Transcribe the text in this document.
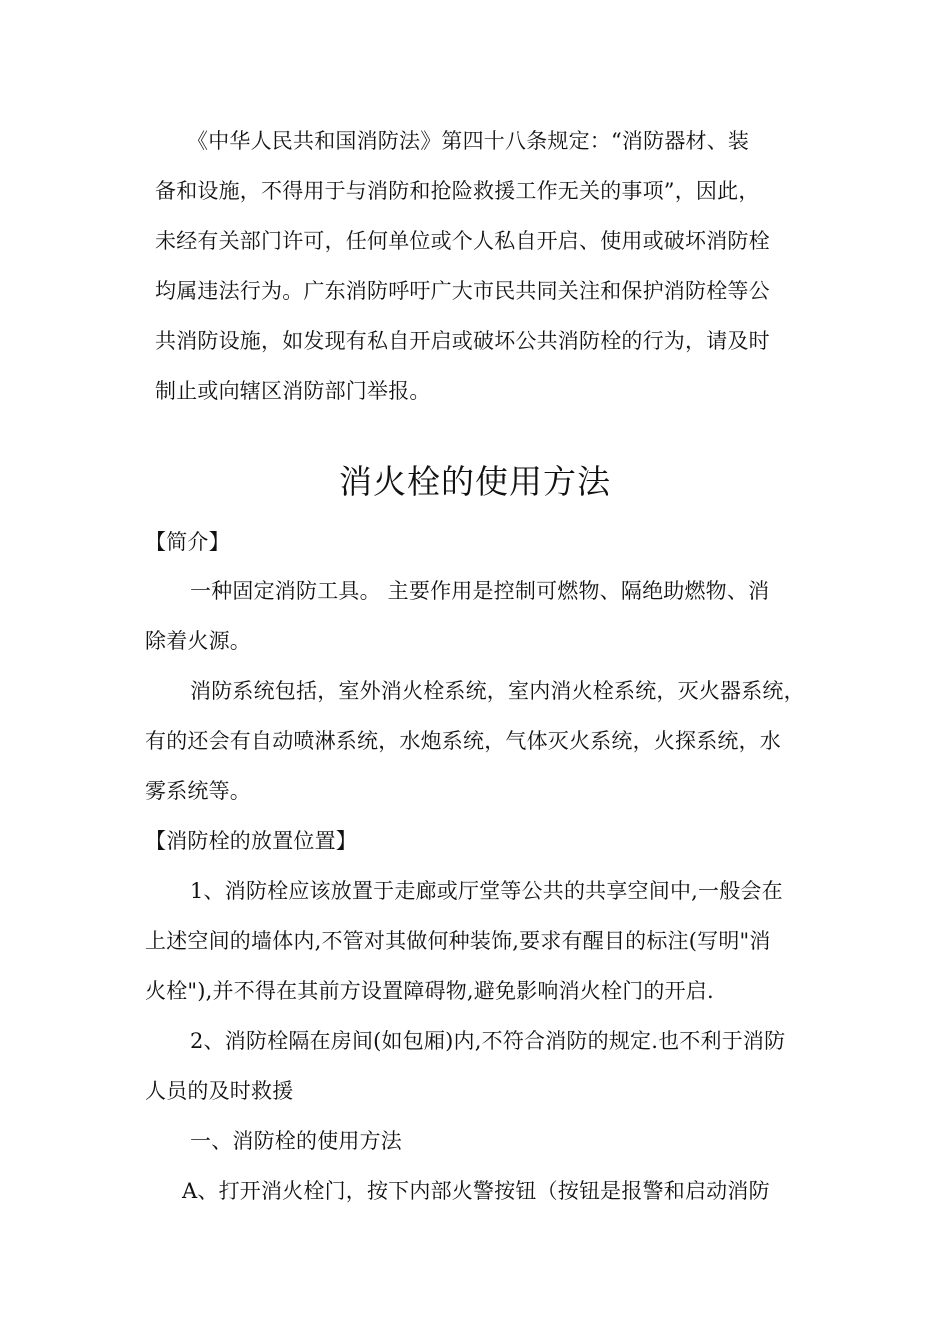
《中华人民共和国消防法》第四十八条规定：“消防器材、装
备和设施，不得用于与消防和抢险救援工作无关的事项”，因此，
未经有关部门许可，任何单位或个人私自开启、使用或破坏消防栓
均属违法行为。广东消防呼吁广大市民共同关注和保护消防栓等公
共消防设施，如发现有私自开启或破坏公共消防栓的行为，请及时
制止或向辖区消防部门举报。
消火栓的使用方法
【简介】
一种固定消防工具。 主要作用是控制可燃物、隔绝助燃物、消
除着火源。
消防系统包括，室外消火栓系统，室内消火栓系统，灭火器系统，
有的还会有自动喷淋系统，水炮系统，气体灭火系统，火探系统，水
雾系统等。
【消防栓的放置位置】
1、消防栓应该放置于走廊或厅堂等公共的共享空间中,一般会在
上述空间的墙体内,不管对其做何种装饰,要求有醒目的标注(写明"消
火栓"),并不得在其前方设置障碍物,避免影响消火栓门的开启.
2、消防栓隔在房间(如包厢)内,不符合消防的规定.也不利于消防
人员的及时救援
一、消防栓的使用方法
A、打开消火栓门，按下内部火警按钮（按钮是报警和启动消防
